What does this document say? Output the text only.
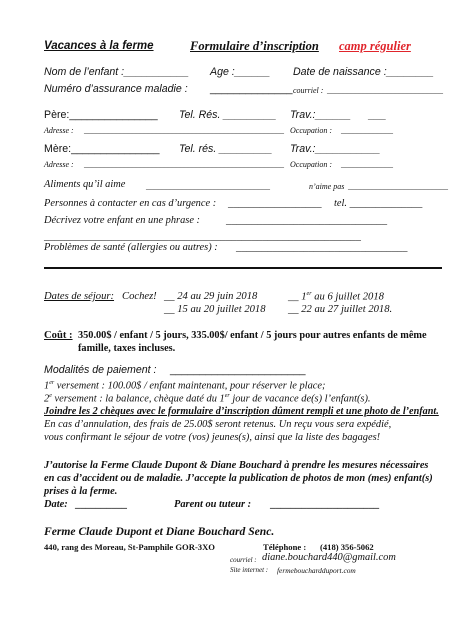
Vacances à la ferme	Formulaire d’inscription camp régulier
Nom de l’enfant :___________ Age :______ Date de naissance :________
Numéro d’assurance maladie : ______________ courriel : _____________________________
Père:_______________ Tel. Rés. _________ Trav.:______ ___
Adresse : __________________________________________________ Occupation : _____________
Mère:_______________ Tel. rés. _________ Trav.:___________
Adresse : __________________________________________________ Occupation : _____________
Aliments qu’il aime	_______________________________	n’aime pas _________________________
Personnes à contacter en cas d’urgence : __________________ tel. ______________
Décrivez votre enfant en une phrase : _______________________________
_____________________________________________________________
Problèmes de santé (allergies ou autres) : _________________________________
Dates de séjour: Cochez! __ 24 au 29 juin 2018	__ 1er au 6 juillet 2018
__ 15 au 20 juillet 2018 __ 22 au 27 juillet 2018.
Coût : 350.00$ / enfant / 5 jours, 335.00$/ enfant / 5 jours pour autres enfants de même
famille, taxes incluses.
Modalités de paiement : _______________________
1er versement : 100.00$ / enfant maintenant, pour réserver le place;
2e versement : la balance, chèque daté du 1er jour de vacance de(s) l’enfant(s).
Joindre les 2 chèques avec le formulaire d’inscription dûment rempli et une photo de l’enfant.
En cas d’annulation, des frais de 25.00$ seront retenus. Un reçu vous sera expédié,
vous confirmant le séjour de votre (vos) jeunes(s), ainsi que la liste des bagages!
J’autorise la Ferme Claude Dupont & Diane Bouchard à prendre les mesures nécessaires
en cas d’accident ou de maladie. J’accepte la publication de photos de mon (mes) enfant(s)
prises à la ferme.
Date: __________	Parent ou tuteur : _____________________
Ferme Claude Dupont et Diane Bouchard Senc.
440, rang des Moreau, St-Pamphile GOR-3XO	Téléphone : (418) 356-5062
courriel : diane.bouchard440@gmail.com
Site internet : fermebouchardduport.com
